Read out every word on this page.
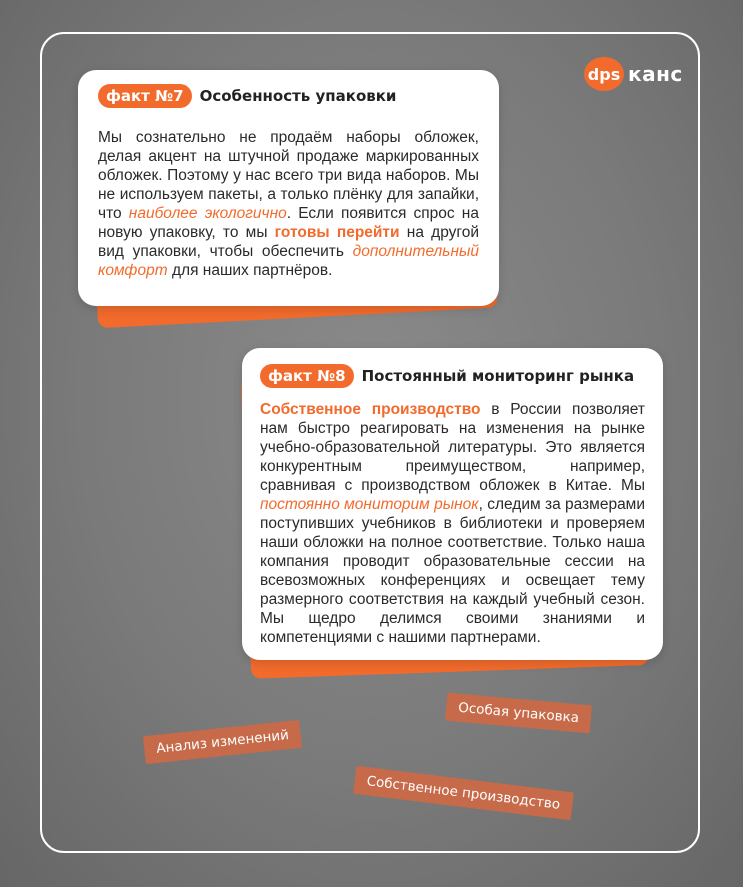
dps канс
факт №7	Особенность упаковки
Мы сознательно не продаём наборы обложек, делая акцент на штучной продаже маркированных обложек. Поэтому у нас всего три вида наборов. Мы не используем пакеты, а только плёнку для запайки, что наиболее экологично. Если появится спрос на новую упаковку, то мы готовы перейти на другой вид упаковки, чтобы обеспечить дополнительный комфорт для наших партнёров.
факт №8	Постоянный мониторинг рынка
Собственное производство в России позволяет нам быстро реагировать на изменения на рынке учебно-образовательной литературы. Это является конкурентным преимуществом, например, сравнивая с производством обложек в Китае. Мы постоянно мониторим рынок, следим за размерами поступивших учебников в библиотеки и проверяем наши обложки на полное соответствие. Только наша компания проводит образовательные сессии на всевозможных конференциях и освещает тему размерного соответствия на каждый учебный сезон. Мы щедро делимся своими знаниями и компетенциями с нашими партнерами.
Особая упаковка
Анализ изменений
Собственное производство
